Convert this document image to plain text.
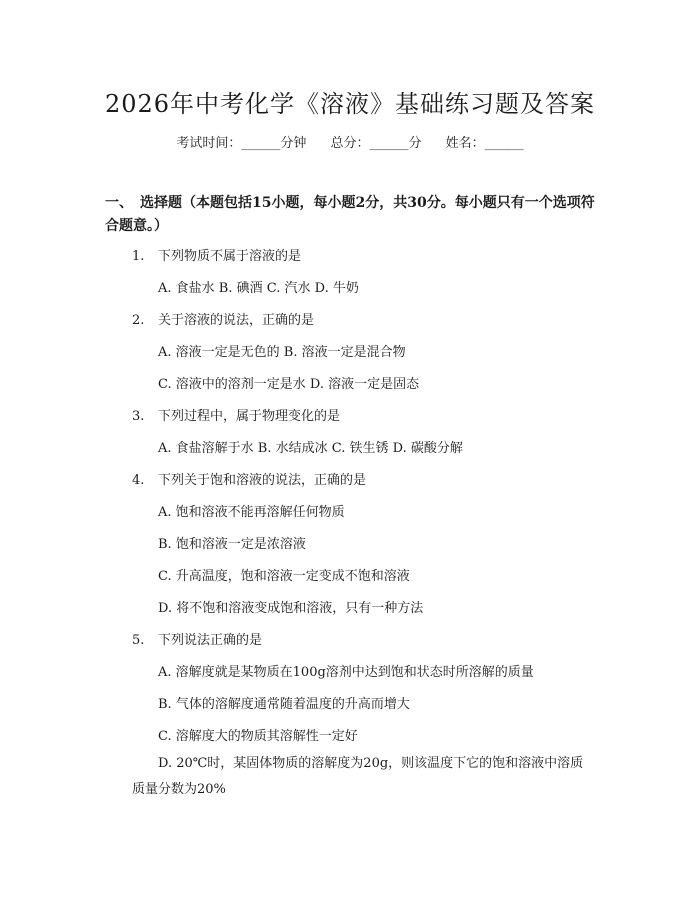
2026年中考化学《溶液》基础练习题及答案
考试时间：______分钟 总分：______分 姓名：______

一、　选择题（本题包括15小题，每小题2分，共30分。每小题只有一个选项符合题意。）

1. 下列物质不属于溶液的是
A. 食盐水 B. 碘酒 C. 汽水 D. 牛奶
2. 关于溶液的说法，正确的是
A. 溶液一定是无色的 B. 溶液一定是混合物
C. 溶液中的溶剂一定是水 D. 溶液一定是固态
3. 下列过程中，属于物理变化的是
A. 食盐溶解于水 B. 水结成冰 C. 铁生锈 D. 碳酸分解
4. 下列关于饱和溶液的说法，正确的是
A. 饱和溶液不能再溶解任何物质
B. 饱和溶液一定是浓溶液
C. 升高温度，饱和溶液一定变成不饱和溶液
D. 将不饱和溶液变成饱和溶液，只有一种方法
5. 下列说法正确的是
A. 溶解度就是某物质在100g溶剂中达到饱和状态时所溶解的质量
B. 气体的溶解度通常随着温度的升高而增大
C. 溶解度大的物质其溶解性一定好
D. 20℃时，某固体物质的溶解度为20g，则该温度下它的饱和溶液中溶质质量分数为20%
